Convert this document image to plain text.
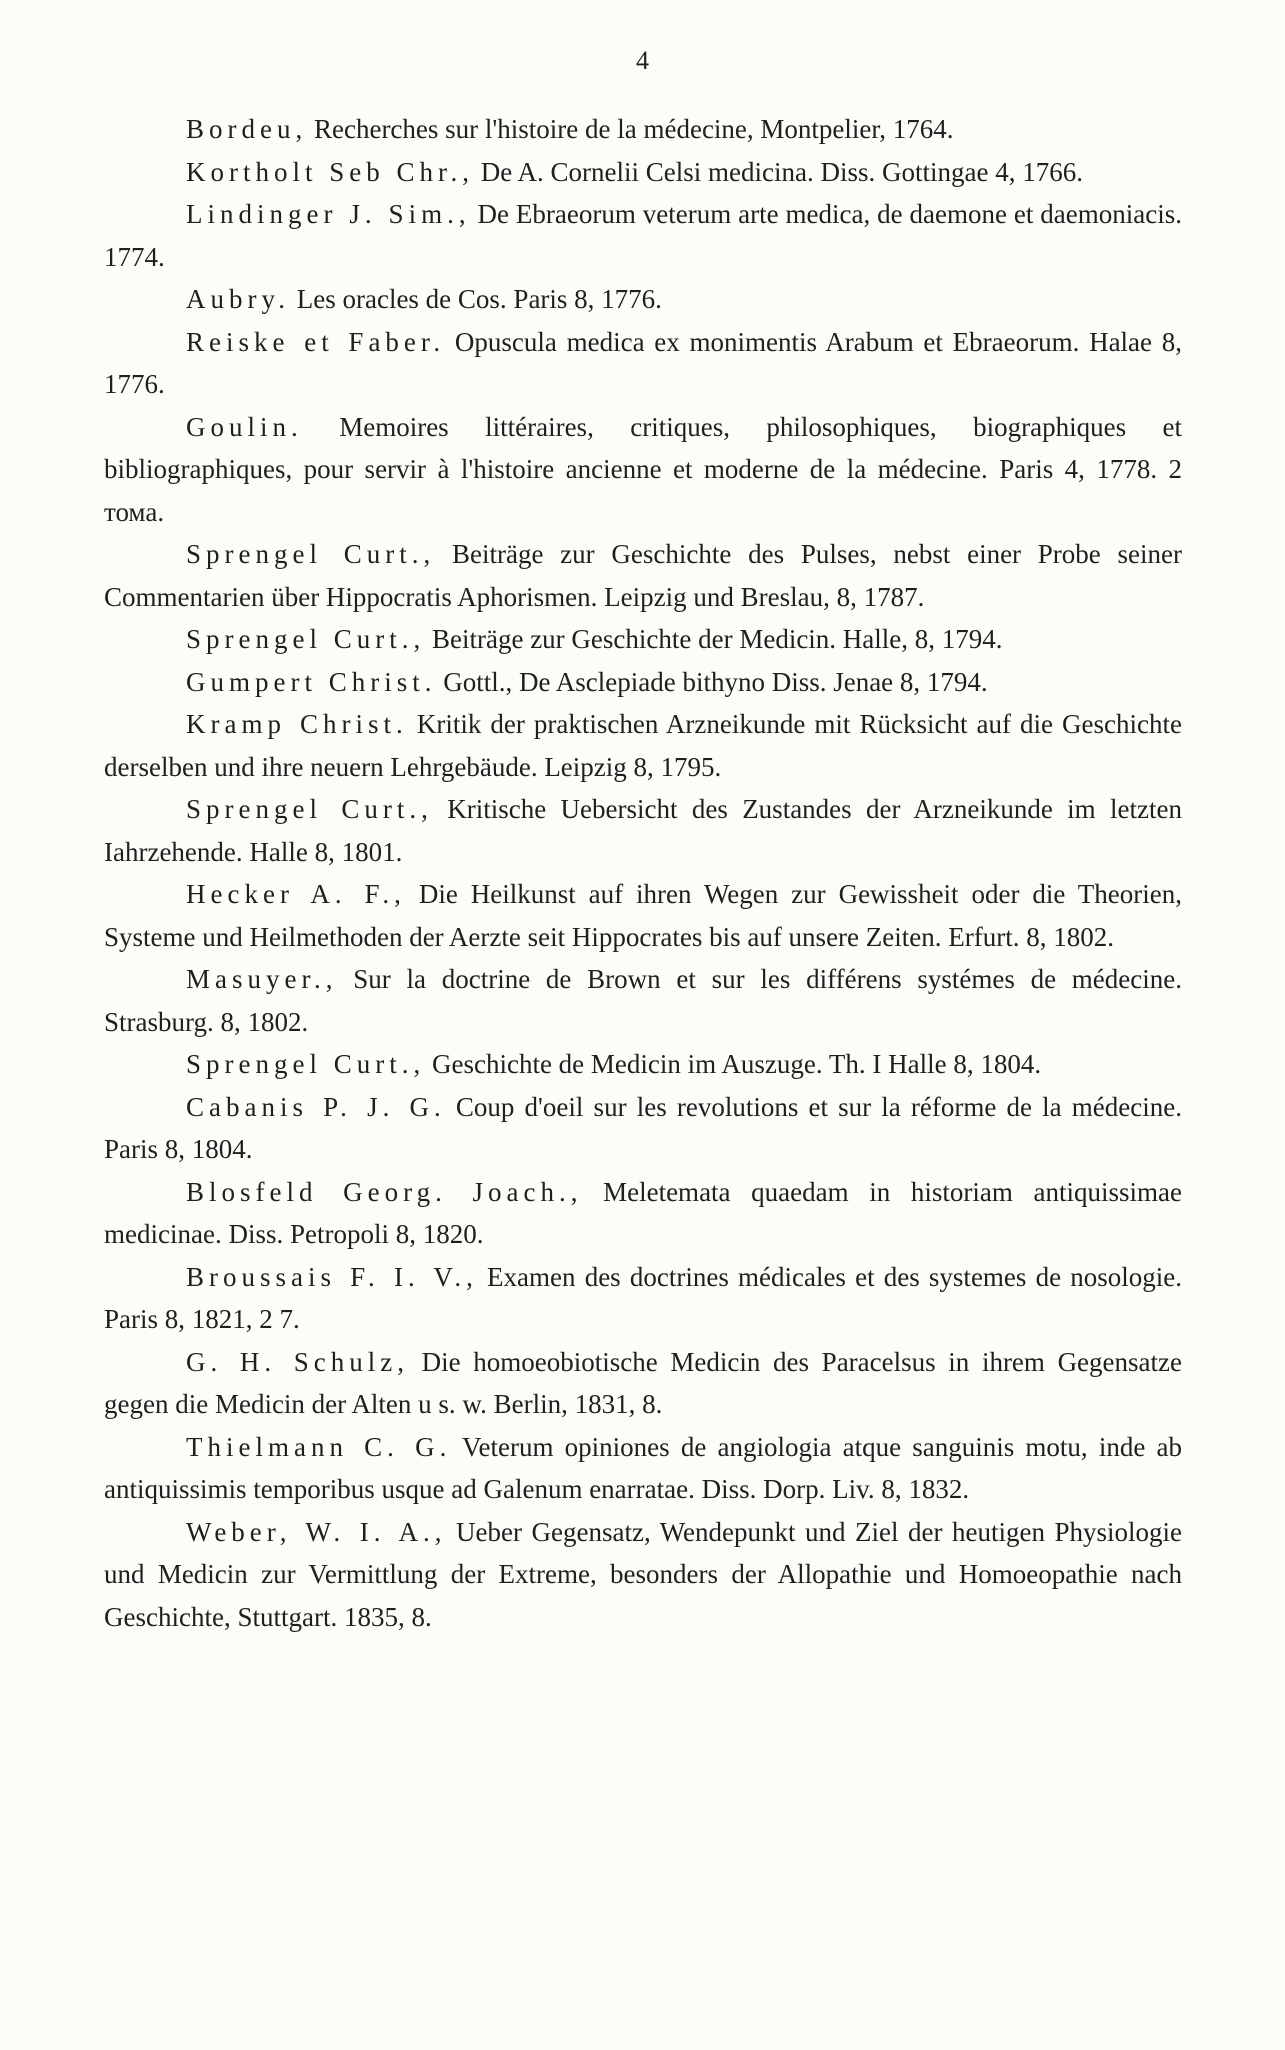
4

Bordeu, Recherches sur l'histoire de la médecine, Montpelier, 1764.

Kortholt Seb Chr., De A. Cornelii Celsi medicina. Diss. Gottingae 4, 1766.

Lindinger J. Sim., De Ebraeorum veterum arte medica, de daemone et daemoniacis. 1774.

Aubry. Les oracles de Cos. Paris 8, 1776.

Reiske et Faber. Opuscula medica ex monimentis Arabum et Ebraeorum. Halae 8, 1776.

Goulin. Memoires littéraires, critiques, philosophiques, biographiques et bibliographiques, pour servir à l'histoire ancienne et moderne de la médecine. Paris 4, 1778. 2 тома.

Sprengel Curt., Beiträge zur Geschichte des Pulses, nebst einer Probe seiner Commentarien über Hippocratis Aphorismen. Leipzig und Breslau, 8, 1787.

Sprengel Curt., Beiträge zur Geschichte der Medicin. Halle, 8, 1794.

Gumpert Christ. Gottl., De Asclepiade bithyno Diss. Jenae 8, 1794.

Kramp Christ. Kritik der praktischen Arzneikunde mit Rücksicht auf die Geschichte derselben und ihre neuern Lehrgebäude. Leipzig 8, 1795.

Sprengel Curt., Kritische Uebersicht des Zustandes der Arzneikunde im letzten Iahrzehende. Halle 8, 1801.

Hecker A. F., Die Heilkunst auf ihren Wegen zur Gewissheit oder die Theorien, Systeme und Heilmethoden der Aerzte seit Hippocrates bis auf unsere Zeiten. Erfurt. 8, 1802.

Masuyer., Sur la doctrine de Brown et sur les différens systémes de médecine. Strasburg. 8, 1802.

Sprengel Curt., Geschichte de Medicin im Auszuge. Th. I Halle 8, 1804.

Cabanis P. J. G. Coup d'oeil sur les revolutions et sur la réforme de la médecine. Paris 8, 1804.

Blosfeld Georg. Joach., Meletemata quaedam in historiam antiquissimae medicinae. Diss. Petropoli 8, 1820.

Broussais F. I. V., Examen des doctrines médicales et des systemes de nosologie. Paris 8, 1821, 2 7.

G. H. Schulz, Die homoeobiotische Medicin des Paracelsus in ihrem Gegensatze gegen die Medicin der Alten u s. w. Berlin, 1831, 8.

Thielmann C. G. Veterum opiniones de angiologia atque sanguinis motu, inde ab antiquissimis temporibus usque ad Galenum enarratae. Diss. Dorp. Liv. 8, 1832.

Weber, W. I. A., Ueber Gegensatz, Wendepunkt und Ziel der heutigen Physiologie und Medicin zur Vermittlung der Extreme, besonders der Allopathie und Homoeopathie nach Geschichte, Stuttgart. 1835, 8.
